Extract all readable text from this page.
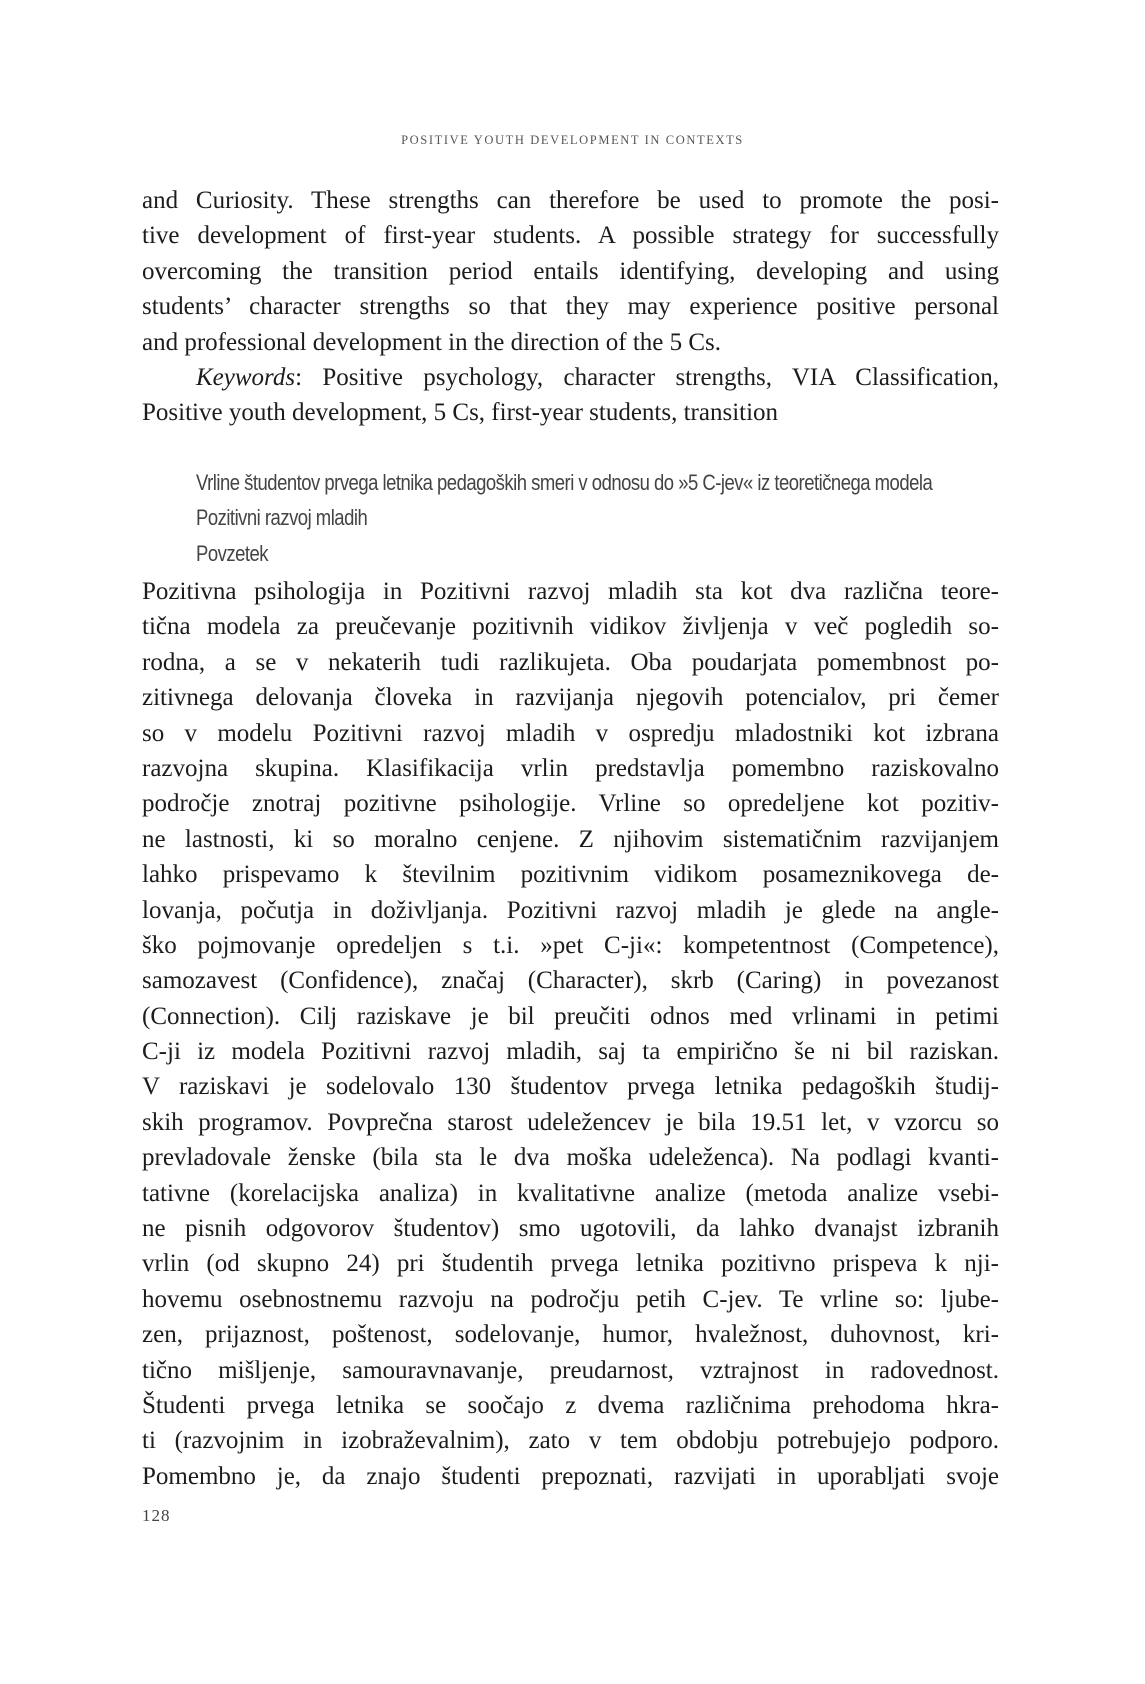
POSITIVE YOUTH DEVELOPMENT IN CONTEXTS
and Curiosity. These strengths can therefore be used to promote the posi-
tive development of first-year students. A possible strategy for successfully
overcoming the transition period entails identifying, developing and using
students’ character strengths so that they may experience positive personal
and professional development in the direction of the 5 Cs.
Keywords: Positive psychology, character strengths, VIA Classification,
Positive youth development, 5 Cs, first-year students, transition
Vrline študentov prvega letnika pedagoških smeri v odnosu do »5 C-jev« iz teoretičnega modela
Pozitivni razvoj mladih
Povzetek
Pozitivna psihologija in Pozitivni razvoj mladih sta kot dva različna teore-
tična modela za preučevanje pozitivnih vidikov življenja v več pogledih so-
rodna, a se v nekaterih tudi razlikujeta. Oba poudarjata pomembnost po-
zitivnega delovanja človeka in razvijanja njegovih potencialov, pri čemer
so v modelu Pozitivni razvoj mladih v ospredju mladostniki kot izbrana
razvojna skupina. Klasifikacija vrlin predstavlja pomembno raziskovalno
področje znotraj pozitivne psihologije. Vrline so opredeljene kot pozitiv-
ne lastnosti, ki so moralno cenjene. Z njihovim sistematičnim razvijanjem
lahko prispevamo k številnim pozitivnim vidikom posameznikovega de-
lovanja, počutja in doživljanja. Pozitivni razvoj mladih je glede na angle-
ško pojmovanje opredeljen s t.i. »pet C-ji«: kompetentnost (Competence),
samozavest (Confidence), značaj (Character), skrb (Caring) in povezanost
(Connection). Cilj raziskave je bil preučiti odnos med vrlinami in petimi
C-ji iz modela Pozitivni razvoj mladih, saj ta empirično še ni bil raziskan.
V raziskavi je sodelovalo 130 študentov prvega letnika pedagoških študij-
skih programov. Povprečna starost udeležencev je bila 19.51 let, v vzorcu so
prevladovale ženske (bila sta le dva moška udeleženca). Na podlagi kvanti-
tativne (korelacijska analiza) in kvalitativne analize (metoda analize vsebi-
ne pisnih odgovorov študentov) smo ugotovili, da lahko dvanajst izbranih
vrlin (od skupno 24) pri študentih prvega letnika pozitivno prispeva k nji-
hovemu osebnostnemu razvoju na področju petih C-jev. Te vrline so: ljube-
zen, prijaznost, poštenost, sodelovanje, humor, hvaležnost, duhovnost, kri-
tično mišljenje, samouravnavanje, preudarnost, vztrajnost in radovednost.
Študenti prvega letnika se soočajo z dvema različnima prehodoma hkra-
ti (razvojnim in izobraževalnim), zato v tem obdobju potrebujejo podporo.
Pomembno je, da znajo študenti prepoznati, razvijati in uporabljati svoje
128
